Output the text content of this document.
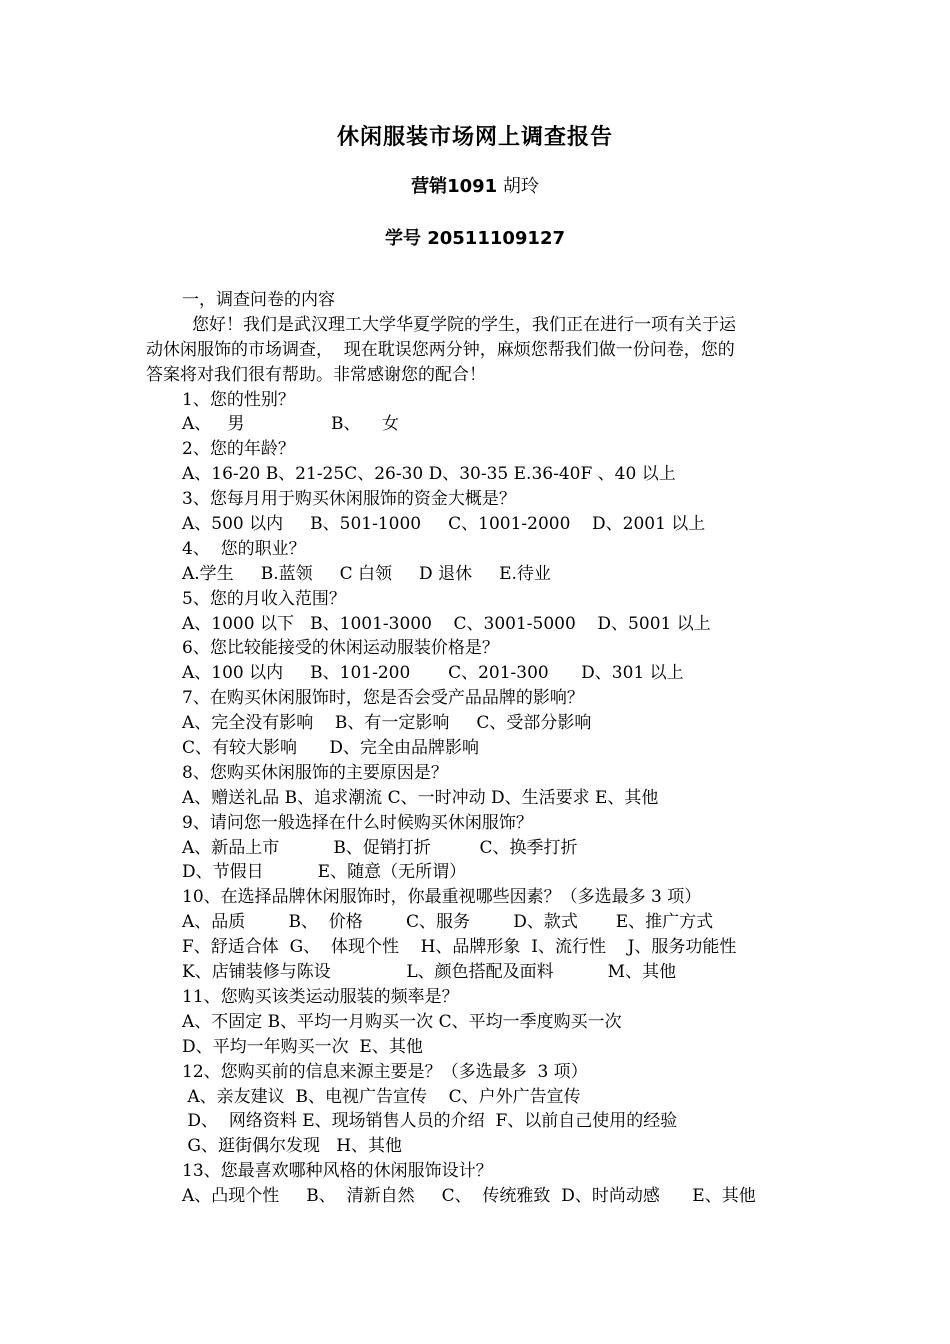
休闲服装市场网上调查报告
营销1091 胡玲
学号 20511109127
一，调查问卷的内容
您好！我们是武汉理工大学华夏学院的学生，我们正在进行一项有关于运
动休闲服饰的市场调查，  现在耽误您两分钟，麻烦您帮我们做一份问卷，您的
答案将对我们很有帮助。非常感谢您的配合！
1、您的性别？
A、   男                B、    女
2、您的年龄？
A、16-20 B、21-25C、26-30 D、30-35 E.36-40F 、40 以上
3、您每月用于购买休闲服饰的资金大概是？
A、500 以内     B、501-1000     C、1001-2000    D、2001 以上
4、  您的职业？
A.学生     B.蓝领     C 白领     D 退休     E.待业
5、您的月收入范围？
A、1000 以下   B、1001-3000    C、3001-5000    D、5001 以上
6、您比较能接受的休闲运动服装价格是？
A、100 以内     B、101-200       C、201-300      D、301 以上
7、在购买休闲服饰时，您是否会受产品品牌的影响？
A、完全没有影响    B、有一定影响     C、受部分影响
C、有较大影响      D、完全由品牌影响
8、您购买休闲服饰的主要原因是？
A、赠送礼品 B、追求潮流 C、一时冲动 D、生活要求 E、其他
9、请问您一般选择在什么时候购买休闲服饰？
A、新品上市          B、促销打折         C、换季打折
D、节假日          E、随意（无所谓）
10、在选择品牌休闲服饰时，你最重视哪些因素？（多选最多 3 项）
A、品质        B、  价格        C、服务        D、款式       E、推广方式
F、舒适合体  G、  体现个性    H、品牌形象  I、流行性    J、服务功能性
K、店铺装修与陈设              L、颜色搭配及面料          M、其他
11、您购买该类运动服装的频率是？
A、不固定 B、平均一月购买一次 C、平均一季度购买一次
D、平均一年购买一次  E、其他
12、您购买前的信息来源主要是？（多选最多  3 项）
A、亲友建议  B、电视广告宣传    C、户外广告宣传
D、  网络资料 E、现场销售人员的介绍  F、以前自己使用的经验
G、逛街偶尔发现   H、其他
13、您最喜欢哪种风格的休闲服饰设计？
A、凸现个性     B、  清新自然     C、  传统雅致  D、时尚动感      E、其他
